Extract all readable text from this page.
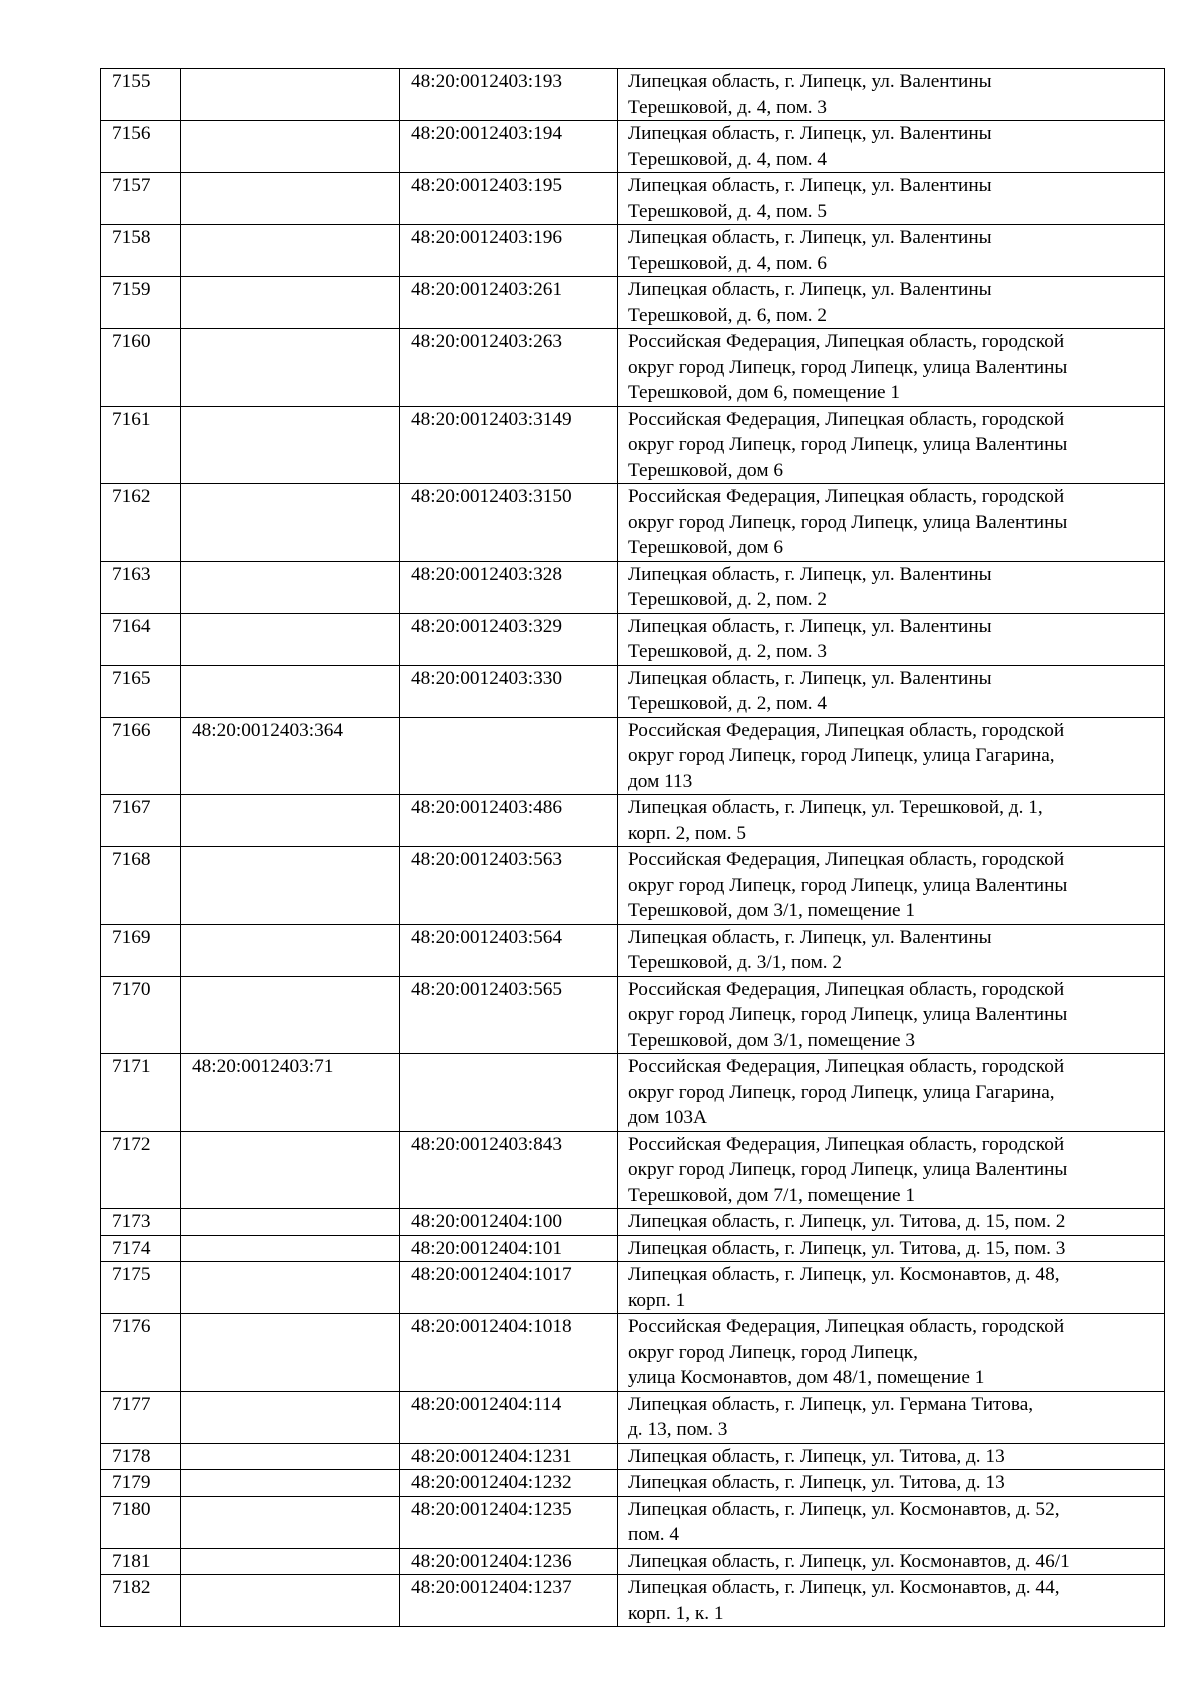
7155		48:20:0012403:193	Липецкая область, г. Липецк, ул. Валентины
Терешковой, д. 4, пом. 3
7156		48:20:0012403:194	Липецкая область, г. Липецк, ул. Валентины
Терешковой, д. 4, пом. 4
7157		48:20:0012403:195	Липецкая область, г. Липецк, ул. Валентины
Терешковой, д. 4, пом. 5
7158		48:20:0012403:196	Липецкая область, г. Липецк, ул. Валентины
Терешковой, д. 4, пом. 6
7159		48:20:0012403:261	Липецкая область, г. Липецк, ул. Валентины
Терешковой, д. 6, пом. 2
7160		48:20:0012403:263	Российская Федерация, Липецкая область, городской
округ город Липецк, город Липецк, улица Валентины
Терешковой, дом 6, помещение 1
7161		48:20:0012403:3149	Российская Федерация, Липецкая область, городской
округ город Липецк, город Липецк, улица Валентины
Терешковой, дом 6
7162		48:20:0012403:3150	Российская Федерация, Липецкая область, городской
округ город Липецк, город Липецк, улица Валентины
Терешковой, дом 6
7163		48:20:0012403:328	Липецкая область, г. Липецк, ул. Валентины
Терешковой, д. 2, пом. 2
7164		48:20:0012403:329	Липецкая область, г. Липецк, ул. Валентины
Терешковой, д. 2, пом. 3
7165		48:20:0012403:330	Липецкая область, г. Липецк, ул. Валентины
Терешковой, д. 2, пом. 4
7166	48:20:0012403:364		Российская Федерация, Липецкая область, городской
округ город Липецк, город Липецк, улица Гагарина,
дом 113
7167		48:20:0012403:486	Липецкая область, г. Липецк, ул. Терешковой, д. 1,
корп. 2, пом. 5
7168		48:20:0012403:563	Российская Федерация, Липецкая область, городской
округ город Липецк, город Липецк, улица Валентины
Терешковой, дом 3/1, помещение 1
7169		48:20:0012403:564	Липецкая область, г. Липецк, ул. Валентины
Терешковой, д. 3/1, пом. 2
7170		48:20:0012403:565	Российская Федерация, Липецкая область, городской
округ город Липецк, город Липецк, улица Валентины
Терешковой, дом 3/1, помещение 3
7171	48:20:0012403:71		Российская Федерация, Липецкая область, городской
округ город Липецк, город Липецк, улица Гагарина,
дом 103А
7172		48:20:0012403:843	Российская Федерация, Липецкая область, городской
округ город Липецк, город Липецк, улица Валентины
Терешковой, дом 7/1, помещение 1
7173		48:20:0012404:100	Липецкая область, г. Липецк, ул. Титова, д. 15, пом. 2
7174		48:20:0012404:101	Липецкая область, г. Липецк, ул. Титова, д. 15, пом. 3
7175		48:20:0012404:1017	Липецкая область, г. Липецк, ул. Космонавтов, д. 48,
корп. 1
7176		48:20:0012404:1018	Российская Федерация, Липецкая область, городской
округ город Липецк, город Липецк,
улица Космонавтов, дом 48/1, помещение 1
7177		48:20:0012404:114	Липецкая область, г. Липецк, ул. Германа Титова,
д. 13, пом. 3
7178		48:20:0012404:1231	Липецкая область, г. Липецк, ул. Титова, д. 13
7179		48:20:0012404:1232	Липецкая область, г. Липецк, ул. Титова, д. 13
7180		48:20:0012404:1235	Липецкая область, г. Липецк, ул. Космонавтов, д. 52,
пом. 4
7181		48:20:0012404:1236	Липецкая область, г. Липецк, ул. Космонавтов, д. 46/1
7182		48:20:0012404:1237	Липецкая область, г. Липецк, ул. Космонавтов, д. 44,
корп. 1, к. 1
